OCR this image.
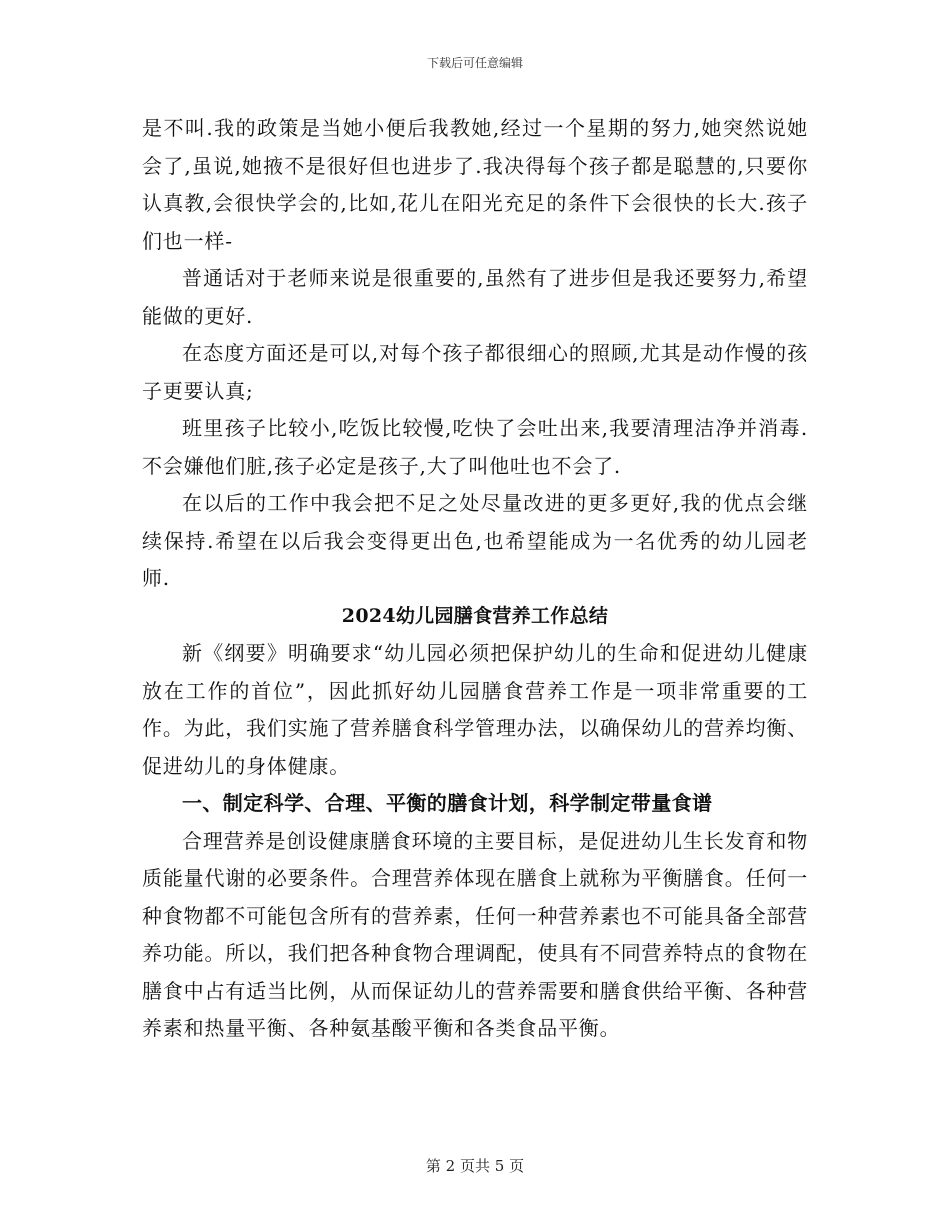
下载后可任意编辑

是不叫.我的政策是当她小便后我教她,经过一个星期的努力,她突然说她会了,虽说,她掖不是很好但也进步了.我决得每个孩子都是聪慧的,只要你认真教,会很快学会的,比如,花儿在阳光充足的条件下会很快的长大.孩子们也一样-

普通话对于老师来说是很重要的,虽然有了进步但是我还要努力,希望能做的更好.

在态度方面还是可以,对每个孩子都很细心的照顾,尤其是动作慢的孩子更要认真;

班里孩子比较小,吃饭比较慢,吃快了会吐出来,我要清理洁净并消毒.不会嫌他们脏,孩子必定是孩子,大了叫他吐也不会了.

在以后的工作中我会把不足之处尽量改进的更多更好,我的优点会继续保持.希望在以后我会变得更出色,也希望能成为一名优秀的幼儿园老师.

2024幼儿园膳食营养工作总结

新《纲要》明确要求“幼儿园必须把保护幼儿的生命和促进幼儿健康放在工作的首位”，因此抓好幼儿园膳食营养工作是一项非常重要的工作。为此，我们实施了营养膳食科学管理办法，以确保幼儿的营养均衡、促进幼儿的身体健康。

一、制定科学、合理、平衡的膳食计划，科学制定带量食谱

合理营养是创设健康膳食环境的主要目标，是促进幼儿生长发育和物质能量代谢的必要条件。合理营养体现在膳食上就称为平衡膳食。任何一种食物都不可能包含所有的营养素，任何一种营养素也不可能具备全部营养功能。所以，我们把各种食物合理调配，使具有不同营养特点的食物在膳食中占有适当比例，从而保证幼儿的营养需要和膳食供给平衡、各种营养素和热量平衡、各种氨基酸平衡和各类食品平衡。

第 2 页共 5 页
